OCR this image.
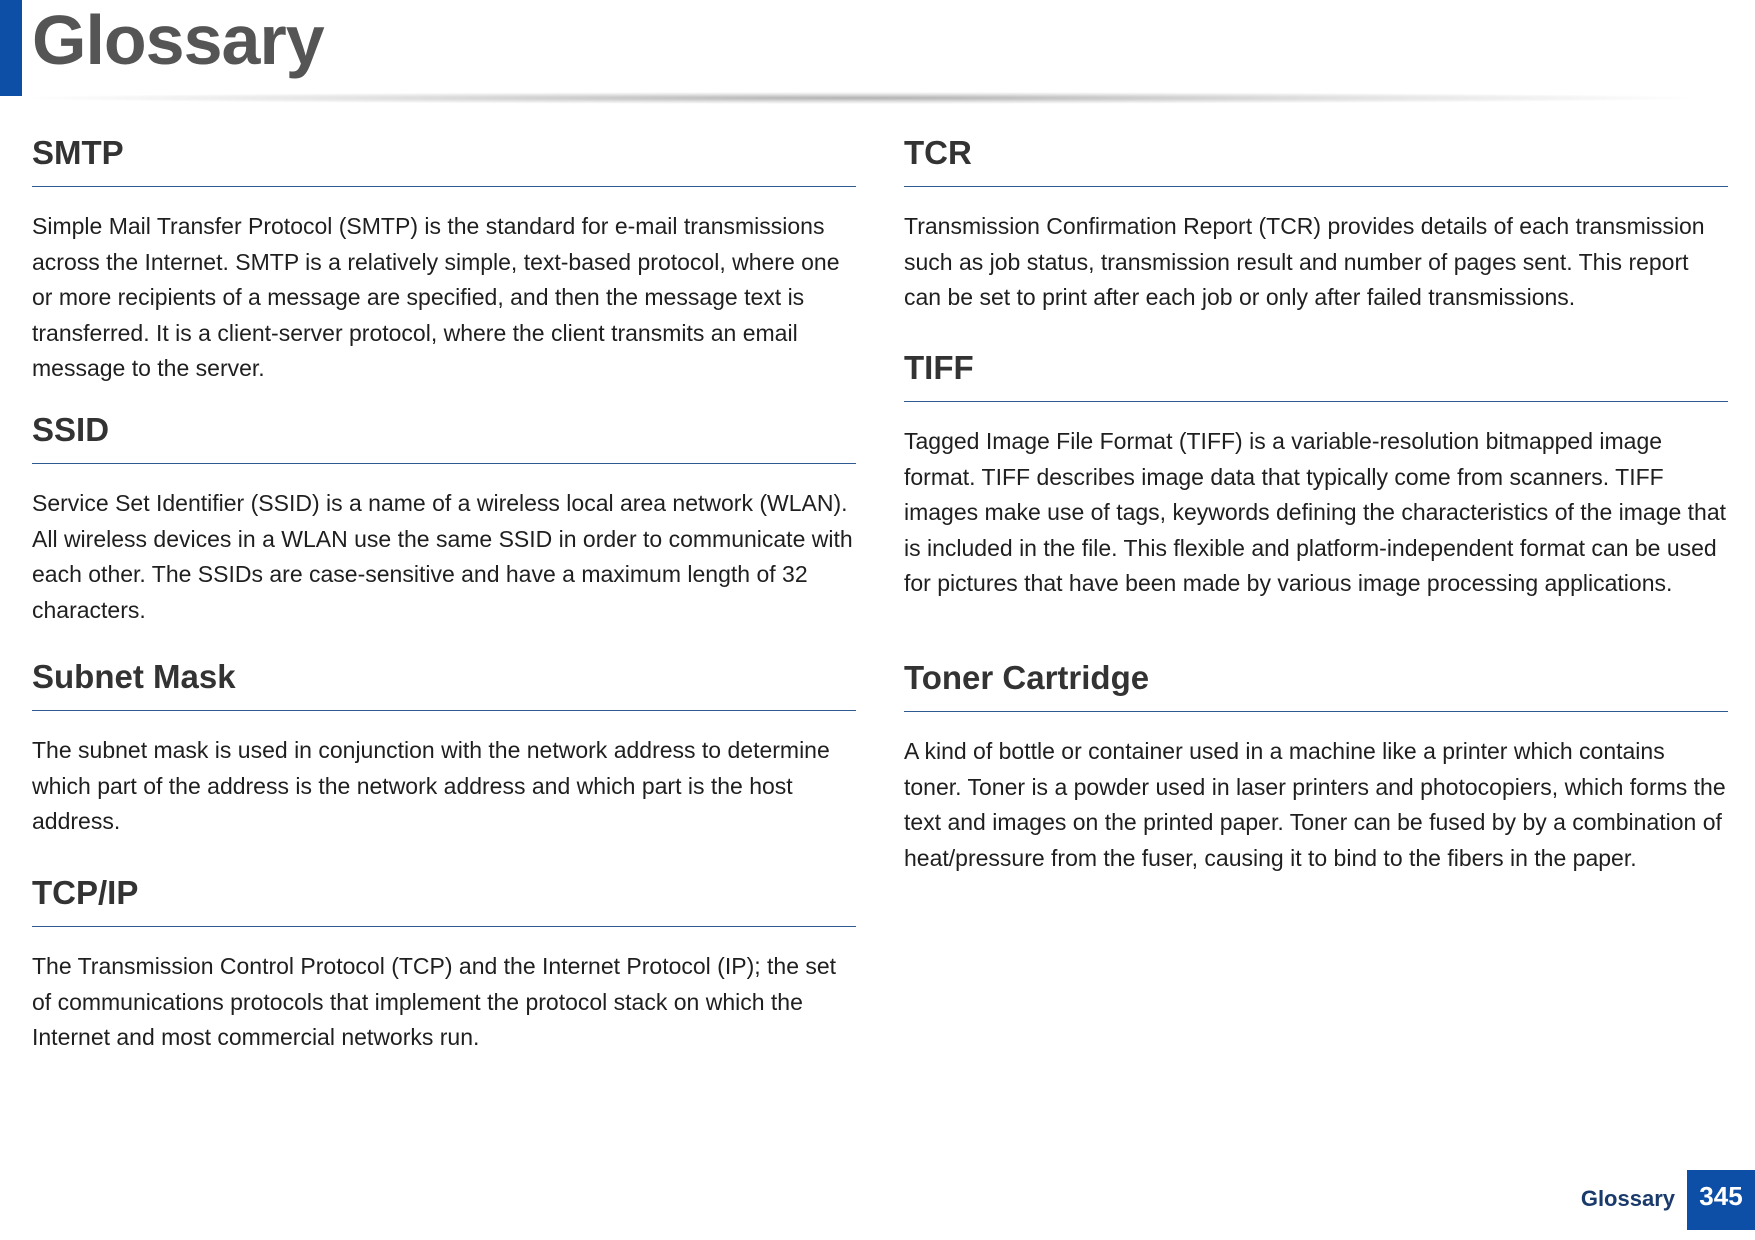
Glossary
SMTP

Simple Mail Transfer Protocol (SMTP) is the standard for e-mail transmissions across the Internet. SMTP is a relatively simple, text-based protocol, where one or more recipients of a message are specified, and then the message text is transferred. It is a client-server protocol, where the client transmits an email message to the server.

SSID

Service Set Identifier (SSID) is a name of a wireless local area network (WLAN). All wireless devices in a WLAN use the same SSID in order to communicate with each other. The SSIDs are case-sensitive and have a maximum length of 32 characters.

Subnet Mask

The subnet mask is used in conjunction with the network address to determine which part of the address is the network address and which part is the host address.

TCP/IP

The Transmission Control Protocol (TCP) and the Internet Protocol (IP); the set of communications protocols that implement the protocol stack on which the Internet and most commercial networks run.

TCR

Transmission Confirmation Report (TCR) provides details of each transmission such as job status, transmission result and number of pages sent. This report can be set to print after each job or only after failed transmissions.

TIFF

Tagged Image File Format (TIFF) is a variable-resolution bitmapped image format. TIFF describes image data that typically come from scanners. TIFF images make use of tags, keywords defining the characteristics of the image that is included in the file. This flexible and platform-independent format can be used for pictures that have been made by various image processing applications.

Toner Cartridge

A kind of bottle or container used in a machine like a printer which contains toner. Toner is a powder used in laser printers and photocopiers, which forms the text and images on the printed paper. Toner can be fused by by a combination of heat/pressure from the fuser, causing it to bind to the fibers in the paper.

Glossary 345
